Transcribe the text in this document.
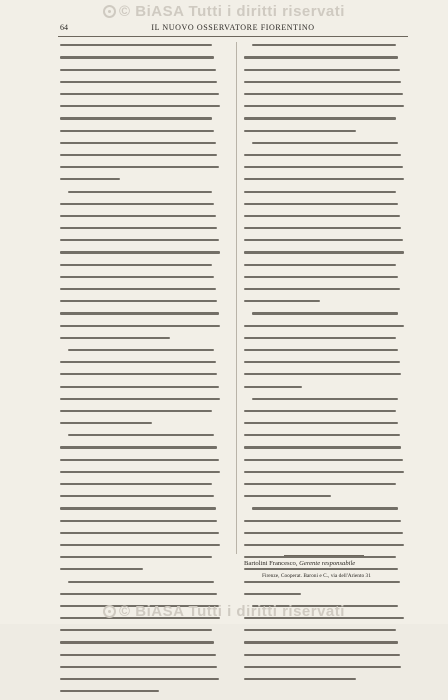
© BiASA Tutti i diritti riservati
64	IL NUOVO OSSERVATORE FIORENTINO
Bartolini Francesco, Gerente responsabile
Firenze, Cooperat. Baroni e C., via dell'Ariento 31
© BiASA Tutti i diritti riservati
